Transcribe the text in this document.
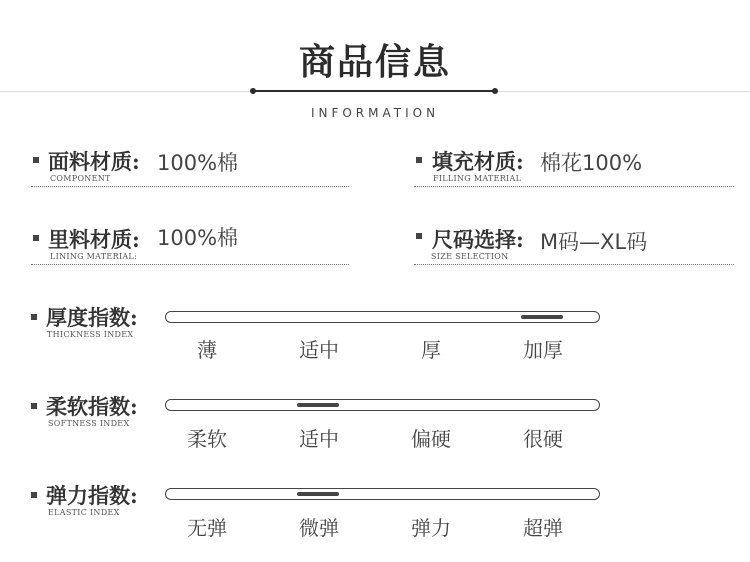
商品信息
INFORMATION
面料材质: 100%棉
COMPONENT
填充材质: 棉花100%
FILLING MATERIAL
里料材质: 100%棉
LINING MATERIAL:
尺码选择: M码—XL码
SIZE SELECTION
厚度指数:
THICKNESS INDEX
薄	适中	厚	加厚
柔软指数:
SOFTNESS INDEX
柔软	适中	偏硬	很硬
弹力指数:
ELASTIC INDEX
无弹	微弹	弹力	超弹
